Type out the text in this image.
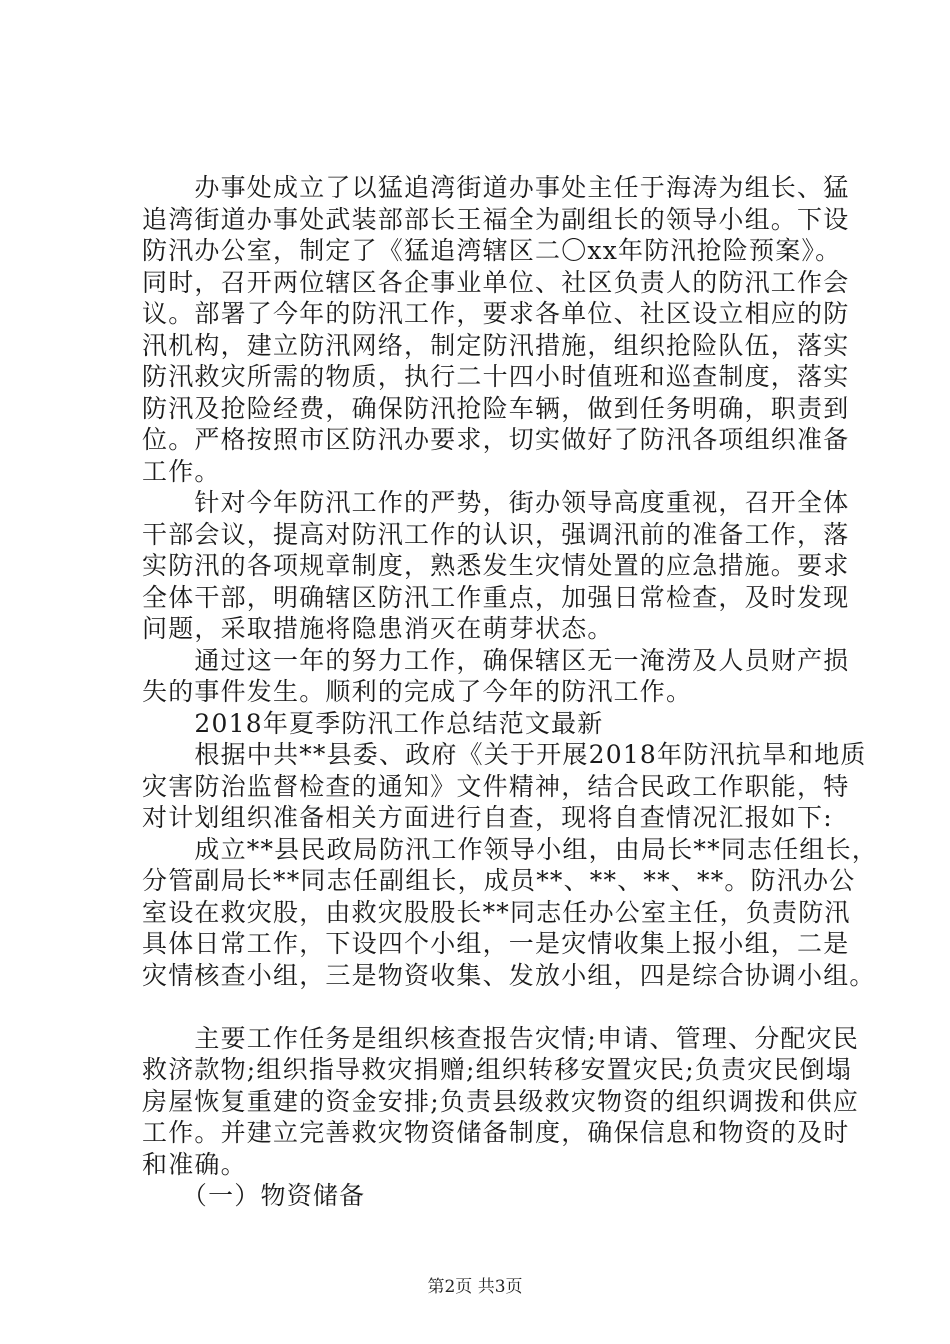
　　办事处成立了以猛追湾街道办事处主任于海涛为组长、猛
追湾街道办事处武装部部长王福全为副组长的领导小组。下设
防汛办公室，制定了《猛追湾辖区二〇xx年防汛抢险预案》。
同时，召开两位辖区各企事业单位、社区负责人的防汛工作会
议。部署了今年的防汛工作，要求各单位、社区设立相应的防
汛机构，建立防汛网络，制定防汛措施，组织抢险队伍，落实
防汛救灾所需的物质，执行二十四小时值班和巡查制度，落实
防汛及抢险经费，确保防汛抢险车辆，做到任务明确，职责到
位。严格按照市区防汛办要求，切实做好了防汛各项组织准备
工作。
　　针对今年防汛工作的严势，街办领导高度重视，召开全体
干部会议，提高对防汛工作的认识，强调汛前的准备工作，落
实防汛的各项规章制度，熟悉发生灾情处置的应急措施。要求
全体干部，明确辖区防汛工作重点，加强日常检查，及时发现
问题，采取措施将隐患消灭在萌芽状态。
　　通过这一年的努力工作，确保辖区无一淹涝及人员财产损
失的事件发生。顺利的完成了今年的防汛工作。
　　2018年夏季防汛工作总结范文最新
　　根据中共**县委、政府《关于开展2018年防汛抗旱和地质
灾害防治监督检查的通知》文件精神，结合民政工作职能，特
对计划组织准备相关方面进行自查，现将自查情况汇报如下:
　　成立**县民政局防汛工作领导小组，由局长**同志任组长，
分管副局长**同志任副组长，成员**、**、**、**。防汛办公
室设在救灾股，由救灾股股长**同志任办公室主任，负责防汛
具体日常工作，下设四个小组，一是灾情收集上报小组，二是
灾情核查小组，三是物资收集、发放小组，四是综合协调小组。
　　主要工作任务是组织核查报告灾情;申请、管理、分配灾民
救济款物;组织指导救灾捐赠;组织转移安置灾民;负责灾民倒塌
房屋恢复重建的资金安排;负责县级救灾物资的组织调拨和供应
工作。并建立完善救灾物资储备制度，确保信息和物资的及时
和准确。
　　（一）物资储备
第2页 共3页
